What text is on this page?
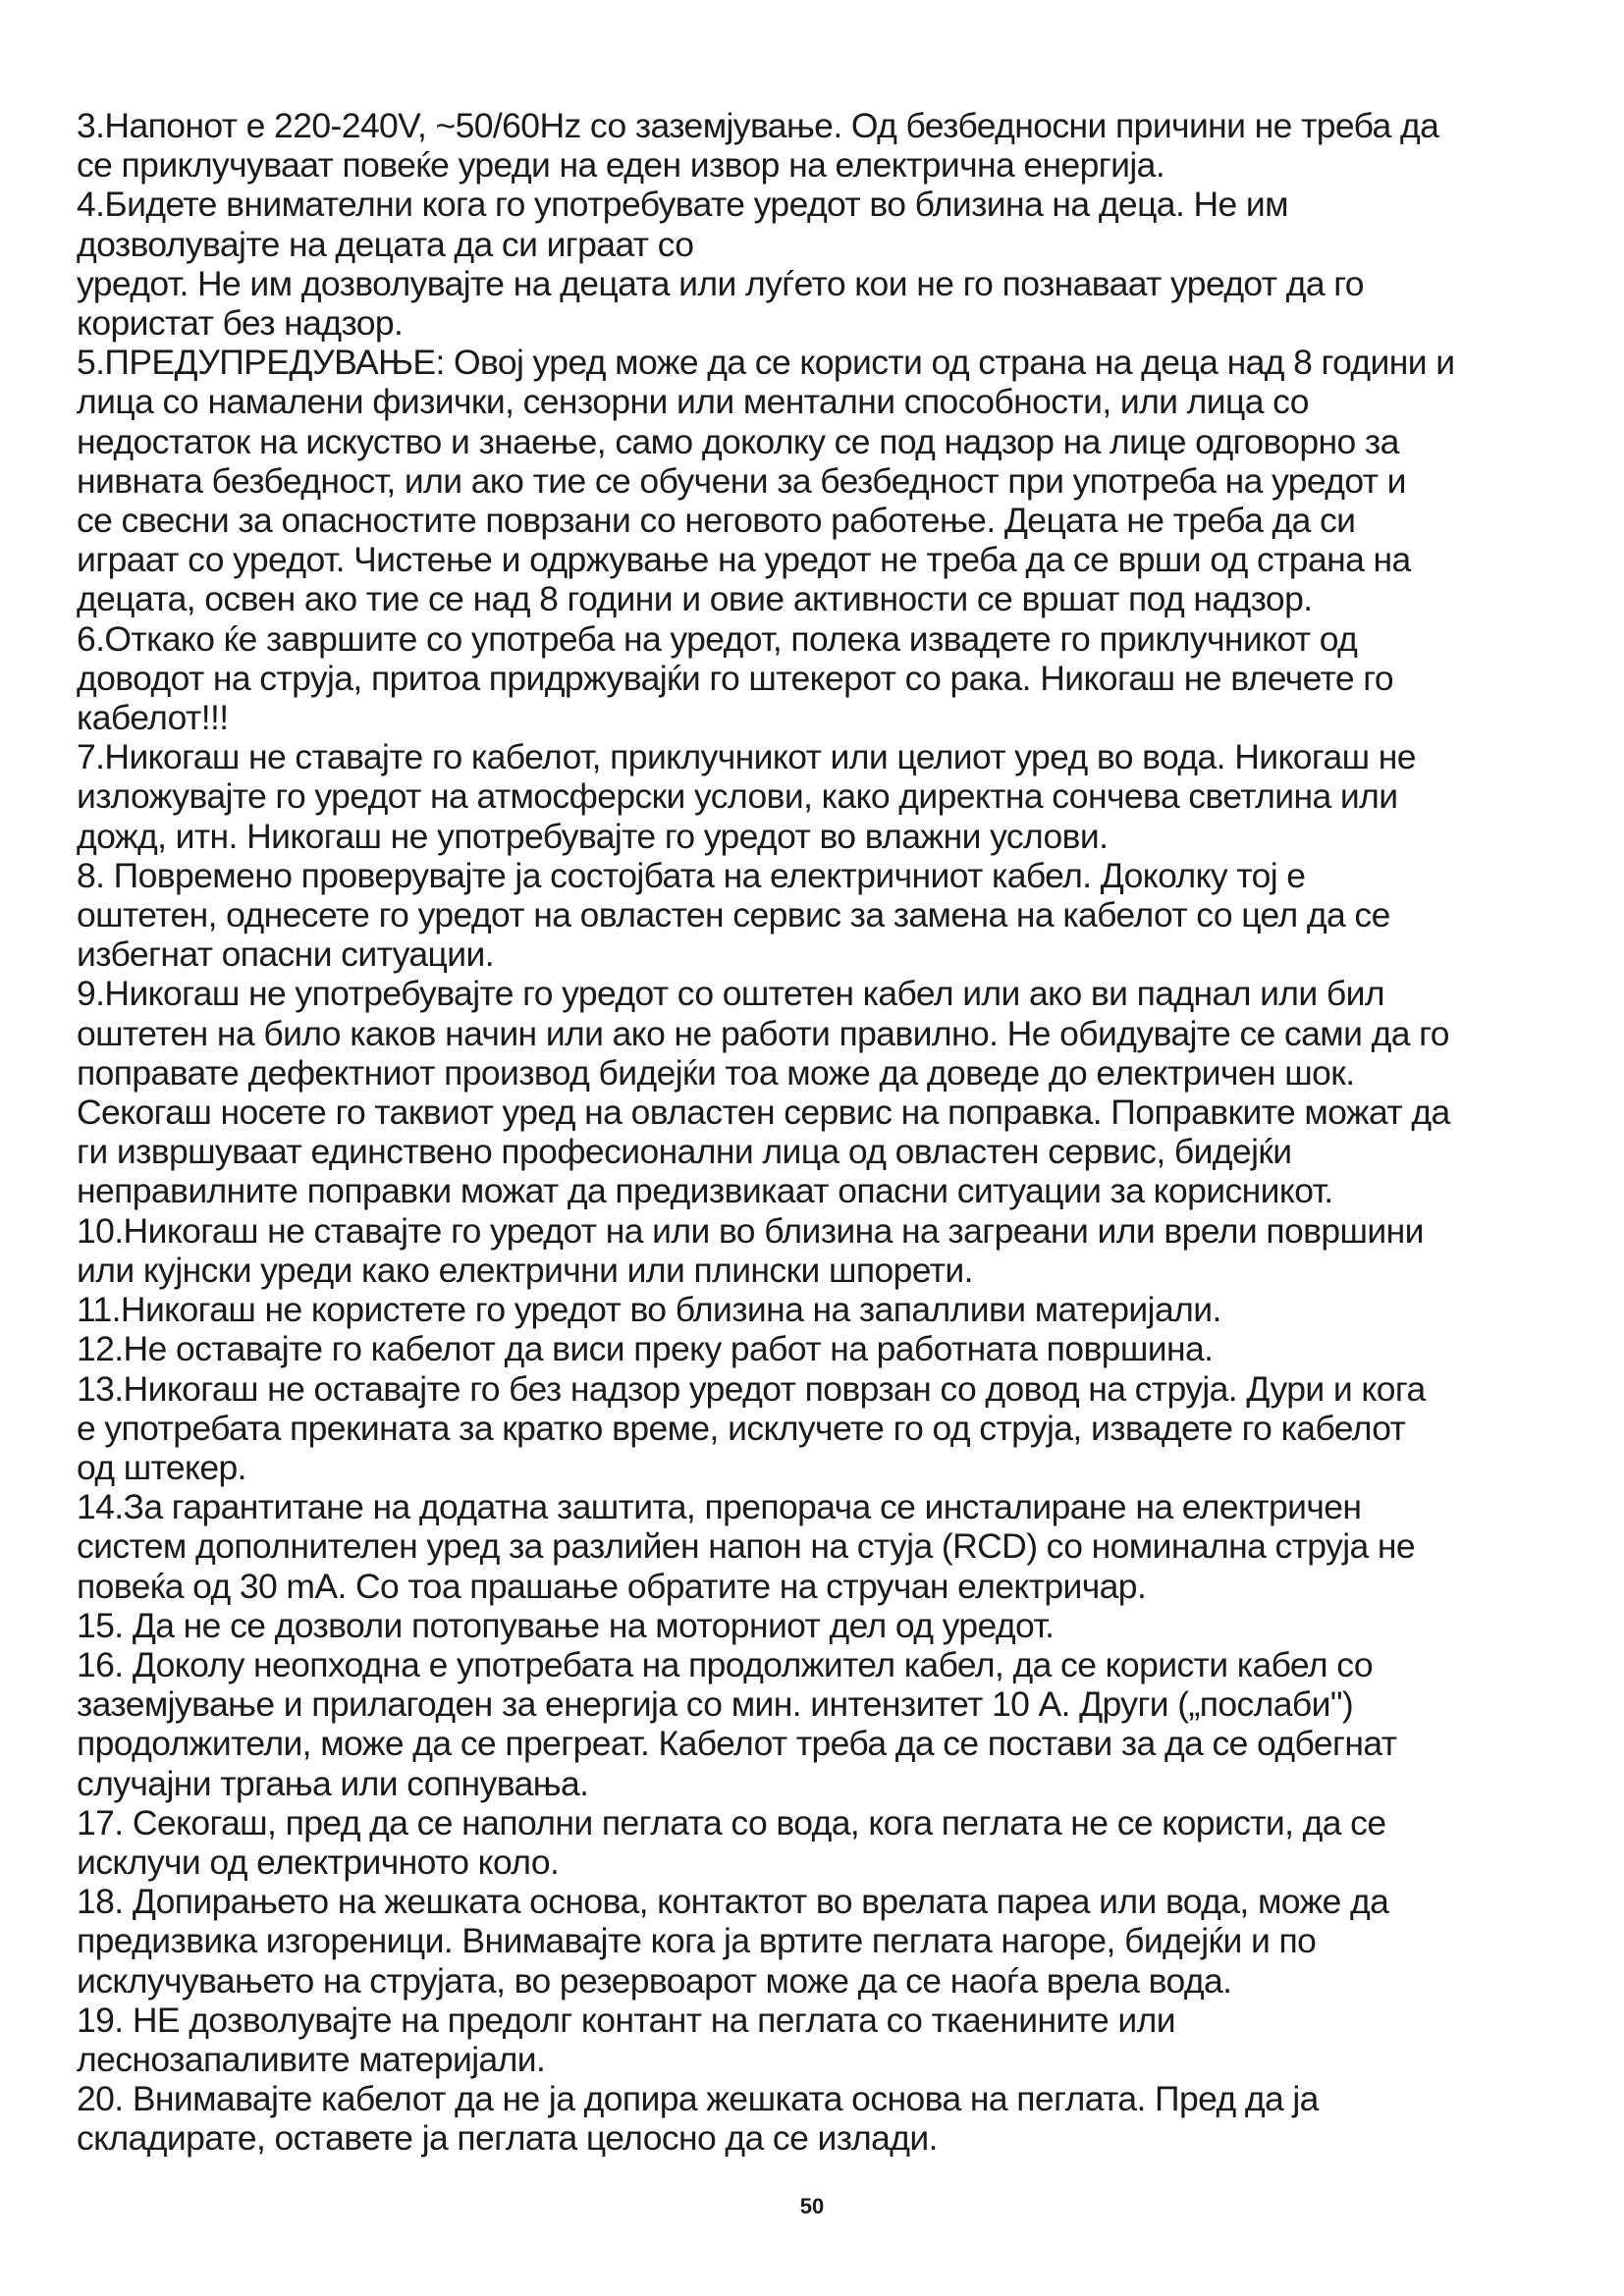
3.Напонот е 220-240V, ~50/60Hz со заземјување. Од безбедносни причини не треба да

се приклучуваат повеќе уреди на еден извор на електрична енергија.

4.Бидете внимателни кога го употребувате уредот во близина на деца. Не им

дозволувајте на децата да си играат со

уредот. Не им дозволувајте на децата или луѓето кои не го познаваат уредот да го

користат без надзор.

5.ПРЕДУПРЕДУВАЊЕ: Овој уред може да се користи од страна на деца над 8 години и

лица со намалени физички, сензорни или ментални способности, или лица со

недостаток на искуство и знаење, само доколку се под надзор на лице одговорно за

нивната безбедност, или ако тие се обучени за безбедност при употреба на уредот и

се свесни за опасностите поврзани со неговото работење. Децата не треба да си

играат со уредот. Чистење и одржување на уредот не треба да се врши од страна на

децата, освен ако тие се над 8 години и овие активности се вршат под надзор.

6.Откако ќе завршите со употреба на уредот, полека извадете го приклучникот од

доводот на струја, притоа придржувајќи го штекерот со рака. Никогаш не влечете го

кабелот!!!

7.Никогаш не ставајте го кабелот, приклучникот или целиот уред во вода. Никогаш не

изложувајте го уредот на атмосферски услови, како директна сончева светлина или

дожд, итн. Никогаш не употребувајте го уредот во влажни услови.

8. Повремено проверувајте ја состојбата на електричниот кабел. Доколку тој е

оштетен, однесете го уредот на овластен сервис за замена на кабелот со цел да се

избегнат опасни ситуации.

9.Никогаш не употребувајте го уредот со оштетен кабел или ако ви паднал или бил

оштетен на било каков начин или ако не работи правилно. Не обидувајте се сами да го

поправате дефектниот производ бидејќи тоа може да доведе до електричен шок.

Секогаш носете го таквиот уред на овластен сервис на поправка. Поправките можат да

ги извршуваат единствено професионални лица од овластен сервис, бидејќи

неправилните поправки можат да предизвикаат опасни ситуации за корисникот.

10.Никогаш не ставајте го уредот на или во близина на загреани или врели површини

или кујнски уреди како електрични или плински шпорети.

11.Никогаш не користете го уредот во близина на запалливи материјали.

12.Не оставајте го кабелот да виси преку работ на работната површина.

13.Никогаш не оставајте го без надзор уредот поврзан со довод на струја. Дури и кога

е употребата прекината за кратко време, исклучете го од струја, извадете го кабелот

од штекер.

14.За гарантитане на додатна заштита, препорача се инсталиране на електричен

систем дополнителен уред за разлийен напон на стуја (RCD) со номинална струја не

повеќа од 30 mA. Со тоа прашање обратите на стручан електричар.

15. Да не се дозволи потопување на моторниот дел од уредот.

16. Доколу неопходна е употребата на продолжител кабел, да се користи кабел со

заземјување и прилагоден за енергија со мин. интензитет 10 А. Други („послаби")

продолжители, може да се прегреат. Кабелот треба да се постави за да се одбегнат

случајни тргања или сопнувања.

17. Секогаш, пред да се наполни пеглата со вода, кога пеглата не се користи, да се

исклучи од електричното коло.

18. Допирањето на жешката основа, контактот во врелата пареа или вода, може да

предизвика изгореници. Внимавајте кога ја вртите пеглата нагоре, бидејќи и по

исклучувањето на струјата, во резервоарот може да се наоѓа врела вода.

19. НЕ дозволувајте на предолг контант на пеглата со ткаенините или

леснозапаливите материјали.

20. Внимавајте кабелот да не ја допира жешката основа на пеглата. Пред да ја

складирате, оставете ја пеглата целосно да се излади.

50
